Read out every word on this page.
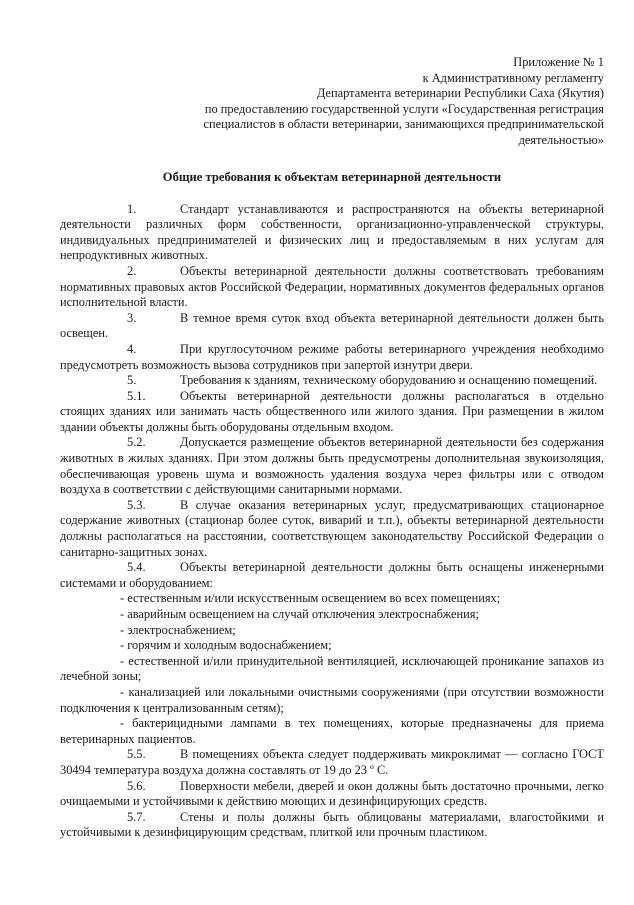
Приложение № 1
к Административному регламенту
Департамента ветеринарии Республики Саха (Якутия)
по предоставлению государственной услуги «Государственная регистрация
специалистов в области ветеринарии, занимающихся предпринимательской
деятельностью»
Общие требования к объектам ветеринарной деятельности

1.	Стандарт устанавливаются и распространяются на объекты ветеринарной деятельности различных форм собственности, организационно-управленческой структуры, индивидуальных предпринимателей и физических лиц и предоставляемым в них услугам для непродуктивных животных.

2.	Объекты ветеринарной деятельности должны соответствовать требованиям нормативных правовых актов Российской Федерации, нормативных документов федеральных органов исполнительной власти.

3.	В темное время суток вход объекта ветеринарной деятельности должен быть освещен.

4.	При круглосуточном режиме работы ветеринарного учреждения необходимо предусмотреть возможность вызова сотрудников при запертой изнутри двери.

5.	Требования к зданиям, техническому оборудованию и оснащению помещений.

5.1.	Объекты ветеринарной деятельности должны располагаться в отдельно стоящих зданиях или занимать часть общественного или жилого здания. При размещении в жилом здании объекты должны быть оборудованы отдельным входом.

5.2.	Допускается размещение объектов ветеринарной деятельности без содержания животных в жилых зданиях. При этом должны быть предусмотрены дополнительная звукоизоляция, обеспечивающая уровень шума и возможность удаления воздуха через фильтры или с отводом воздуха в соответствии с действующими санитарными нормами.

5.3.	В случае оказания ветеринарных услуг, предусматривающих стационарное содержание животных (стационар более суток, виварий и т.п.), объекты ветеринарной деятельности должны располагаться на расстоянии, соответствующем законодательству Российской Федерации о санитарно-защитных зонах.

5.4.	Объекты ветеринарной деятельности должны быть оснащены инженерными системами и оборудованием:

- естественным и/или искусственным освещением во всех помещениях;

- аварийным освещением на случай отключения электроснабжения;

- электроснабжением;

- горячим и холодным водоснабжением;

- естественной и/или принудительной вентиляцией, исключающей проникание запахов из лечебной зоны;

- канализацией или локальными очистными сооружениями (при отсутствии возможности подключения к централизованным сетям);

- бактерицидными лампами в тех помещениях, которые предназначены для приема ветеринарных пациентов.

5.5.	В помещениях объекта следует поддерживать микроклимат — согласно ГОСТ 30494 температура воздуха должна составлять от 19 до 23 º С.

5.6.	Поверхности мебели, дверей и окон должны быть достаточно прочными, легко очищаемыми и устойчивыми к действию моющих и дезинфицирующих средств.

5.7.	Стены и полы должны быть облицованы материалами, влагостойкими и устойчивыми к дезинфицирующим средствам, плиткой или прочным пластиком.
